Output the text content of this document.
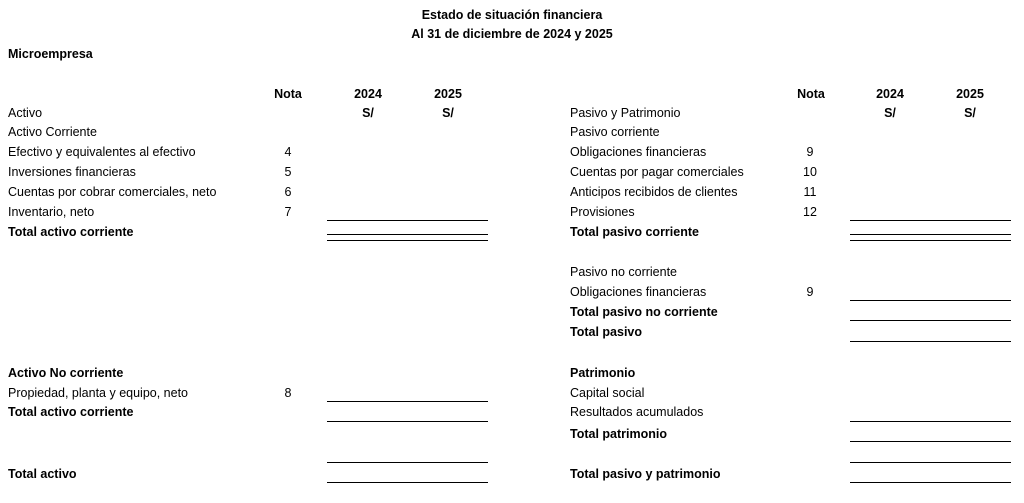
Estado de situación financiera
Al 31 de diciembre de 2024 y 2025
Microempresa
Nota	2024	2025
S/	S/
Activo
Activo Corriente
Efectivo y equivalentes al efectivo	4
Inversiones financieras	5
Cuentas por cobrar comerciales, neto	6
Inventario, neto	7
Total activo corriente
Activo No corriente
Propiedad, planta y equipo, neto	8
Total activo corriente
Total activo
Nota	2024	2025
S/	S/
Pasivo y Patrimonio
Pasivo corriente
Obligaciones financieras	9
Cuentas por pagar comerciales	10
Anticipos recibidos de clientes	11
Provisiones	12
Total pasivo corriente
Pasivo no corriente
Obligaciones financieras	9
Total pasivo no corriente
Total pasivo
Patrimonio
Capital social
Resultados acumulados
Total patrimonio
Total pasivo y patrimonio
